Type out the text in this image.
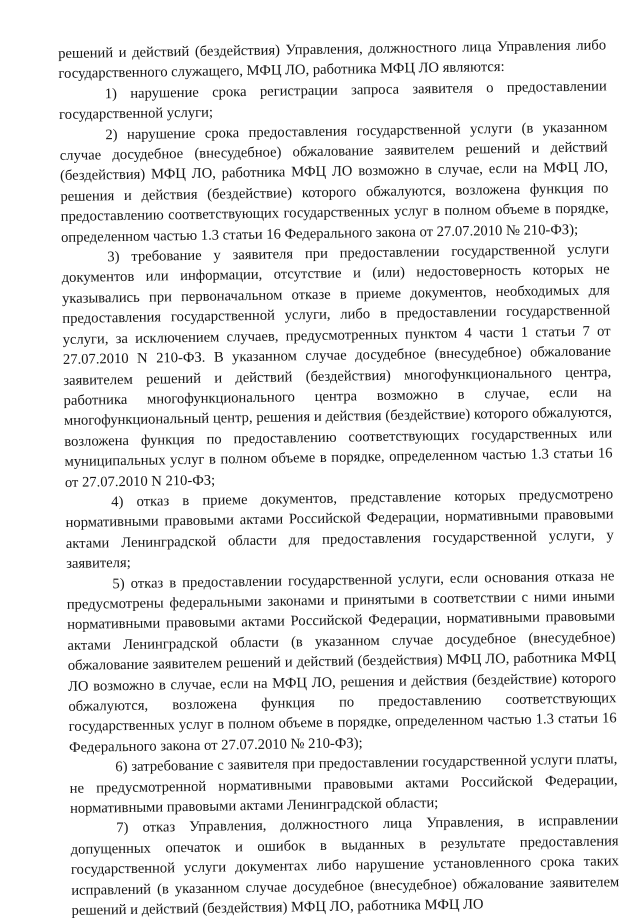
решений и действий (бездействия) Управления, должностного лица Управления либо государственного служащего, МФЦ ЛО, работника МФЦ ЛО являются:

1) нарушение срока регистрации запроса заявителя о предоставлении государственной услуги;

2) нарушение срока предоставления государственной услуги (в указанном случае досудебное (внесудебное) обжалование заявителем решений и действий (бездействия) МФЦ ЛО, работника МФЦ ЛО возможно в случае, если на МФЦ ЛО, решения и действия (бездействие) которого обжалуются, возложена функция по предоставлению соответствующих государственных услуг в полном объеме в порядке, определенном частью 1.3 статьи 16 Федерального закона от 27.07.2010 № 210-ФЗ);

3) требование у заявителя при предоставлении государственной услуги документов или информации, отсутствие и (или) недостоверность которых не указывались при первоначальном отказе в приеме документов, необходимых для предоставления государственной услуги, либо в предоставлении государственной услуги, за исключением случаев, предусмотренных пунктом 4 части 1 статьи 7 от 27.07.2010 N 210-ФЗ. В указанном случае досудебное (внесудебное) обжалование заявителем решений и действий (бездействия) многофункционального центра, работника многофункционального центра возможно в случае, если на многофункциональный центр, решения и действия (бездействие) которого обжалуются, возложена функция по предоставлению соответствующих государственных или муниципальных услуг в полном объеме в порядке, определенном частью 1.3 статьи 16 от 27.07.2010 N 210-ФЗ;

4) отказ в приеме документов, представление которых предусмотрено нормативными правовыми актами Российской Федерации, нормативными правовыми актами Ленинградской области для предоставления государственной услуги, у заявителя;

5) отказ в предоставлении государственной услуги, если основания отказа не предусмотрены федеральными законами и принятыми в соответствии с ними иными нормативными правовыми актами Российской Федерации, нормативными правовыми актами Ленинградской области (в указанном случае досудебное (внесудебное) обжалование заявителем решений и действий (бездействия) МФЦ ЛО, работника МФЦ ЛО возможно в случае, если на МФЦ ЛО, решения и действия (бездействие) которого обжалуются, возложена функция по предоставлению соответствующих государственных услуг в полном объеме в порядке, определенном частью 1.3 статьи 16 Федерального закона от 27.07.2010 № 210-ФЗ);

6) затребование с заявителя при предоставлении государственной услуги платы, не предусмотренной нормативными правовыми актами Российской Федерации, нормативными правовыми актами Ленинградской области;

7) отказ Управления, должностного лица Управления, в исправлении допущенных опечаток и ошибок в выданных в результате предоставления государственной услуги документах либо нарушение установленного срока таких исправлений (в указанном случае досудебное (внесудебное) обжалование заявителем решений и действий (бездействия) МФЦ ЛО, работника МФЦ ЛО
